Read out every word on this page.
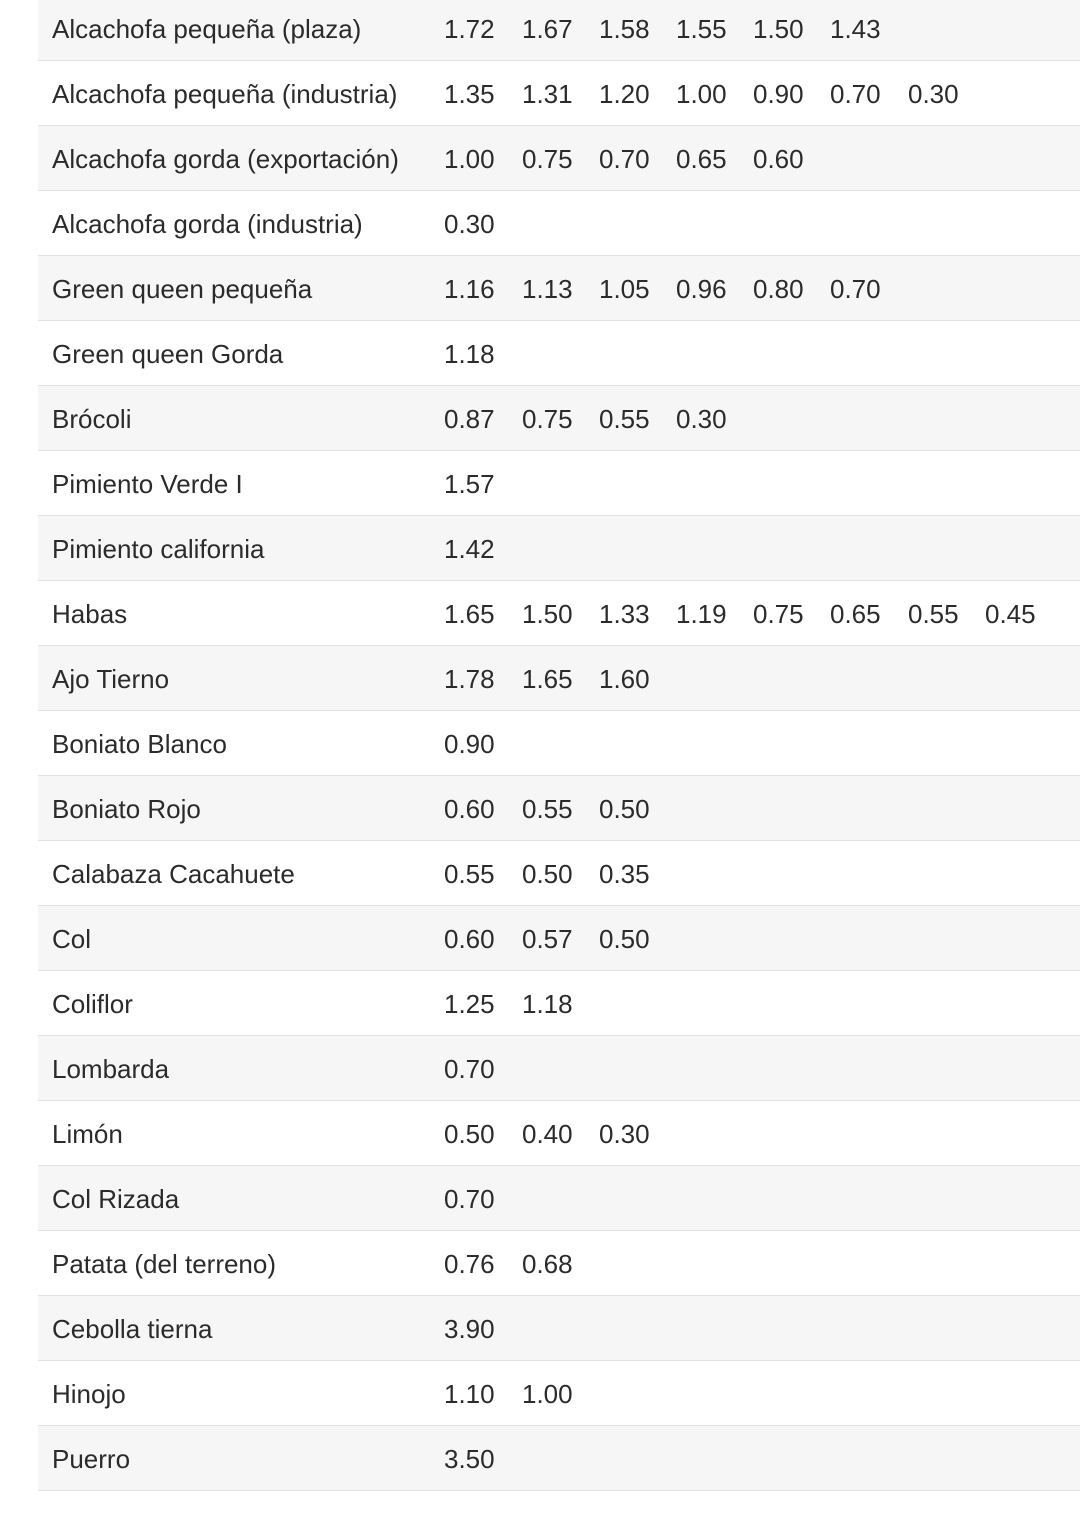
Alcachofa pequeña (plaza)	1.72 1.67 1.58 1.55 1.50 1.43
Alcachofa pequeña (industria) 1.35 1.31 1.20 1.00 0.90 0.70 0.30
Alcachofa gorda (exportación) 1.00 0.75 0.70 0.65 0.60
Alcachofa gorda (industria)	0.30
Green queen pequeña	1.16 1.13 1.05 0.96 0.80 0.70
Green queen Gorda	1.18
Brócoli	0.87 0.75 0.55 0.30
Pimiento Verde I	1.57
Pimiento california	1.42
Habas	1.65 1.50 1.33 1.19 0.75 0.65 0.55 0.45
Ajo Tierno	1.78 1.65 1.60
Boniato Blanco	0.90
Boniato Rojo	0.60 0.55 0.50
Calabaza Cacahuete	0.55 0.50 0.35
Col	0.60 0.57 0.50
Coliflor	1.25 1.18
Lombarda	0.70
Limón	0.50 0.40 0.30
Col Rizada	0.70
Patata (del terreno)	0.76 0.68
Cebolla tierna	3.90
Hinojo	1.10 1.00
Puerro	3.50
